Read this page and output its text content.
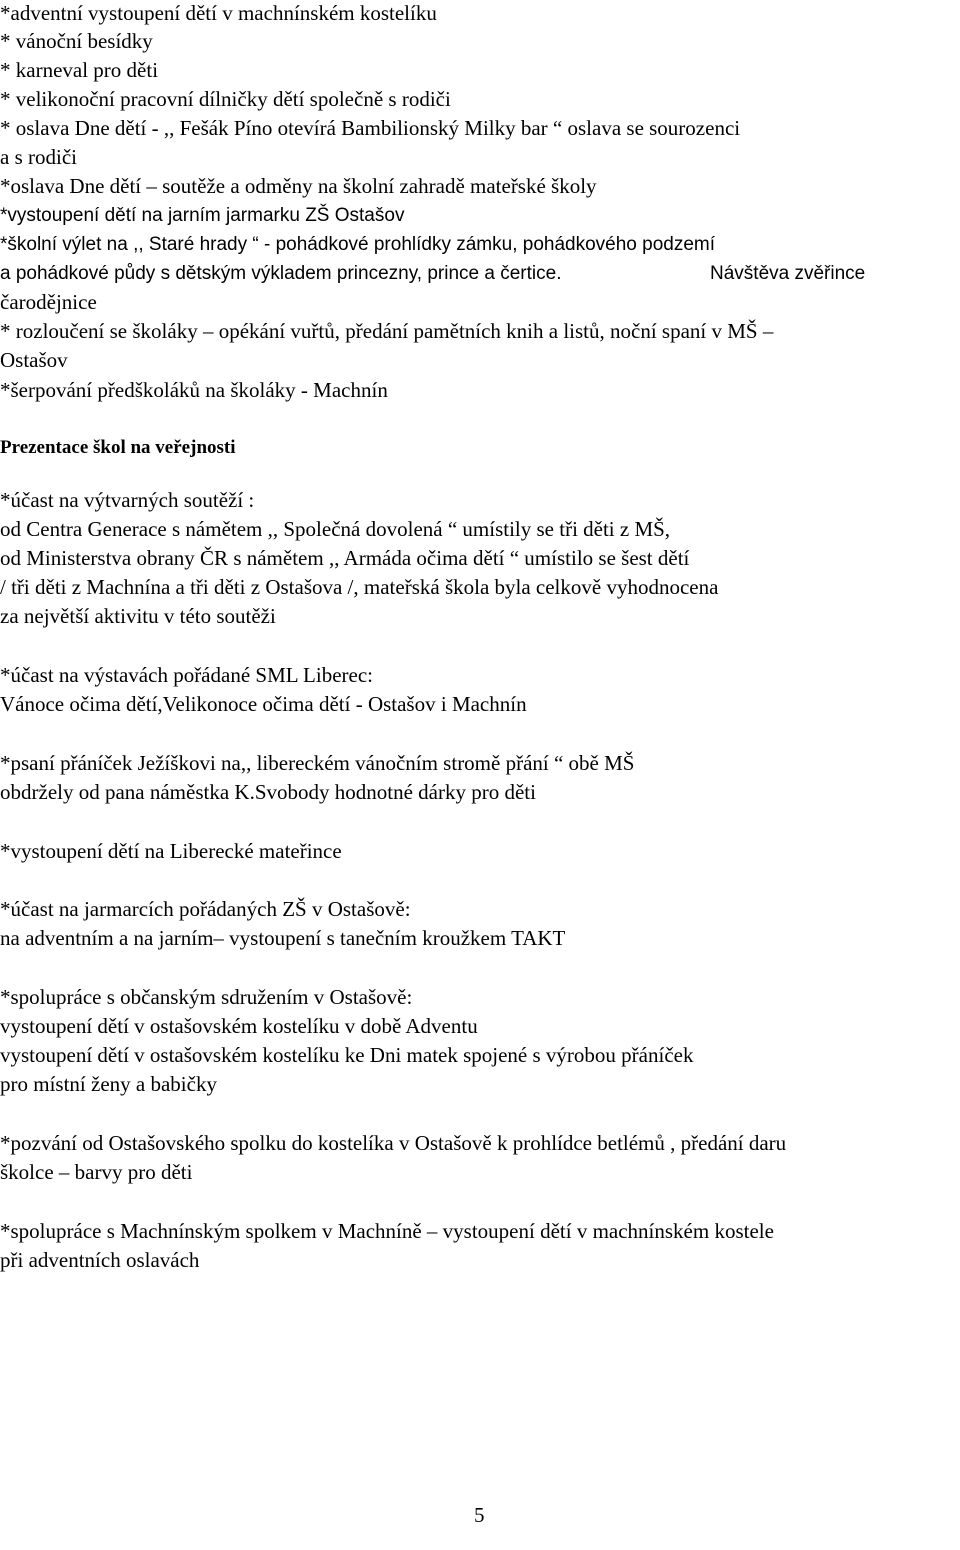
*adventní vystoupení dětí v machnínském kostelíku
* vánoční besídky
* karneval pro děti
* velikonoční pracovní dílničky dětí společně s rodiči
* oslava Dne dětí - ,, Fešák Píno otevírá Bambilionský Milky bar “ oslava se sourozenci
a s rodiči
*oslava Dne dětí – soutěže a odměny na školní zahradě mateřské školy
*vystoupení dětí na jarním jarmarku ZŠ Ostašov
*školní výlet na ,, Staré hrady “ - pohádkové prohlídky zámku, pohádkového podzemí
a pohádkové půdy s dětským výkladem princezny, prince a čertice.	Návštěva zvěřince
čarodějnice
* rozloučení se školáky – opékání vuřtů, předání pamětních knih a listů, noční spaní v MŠ –
Ostašov
*šerpování předškoláků na školáky - Machnín
Prezentace škol na veřejnosti
*účast na výtvarných soutěží :
od Centra Generace s námětem ,, Společná dovolená “ umístily se tři děti z MŠ,
od Ministerstva obrany ČR s námětem ,, Armáda očima dětí “ umístilo se šest dětí
/ tři děti z Machnína a tři děti z Ostašova /, mateřská škola byla celkově vyhodnocena
za největší aktivitu v této soutěži
*účast na výstavách pořádané SML Liberec:
Vánoce očima dětí,Velikonoce očima dětí - Ostašov i Machnín
*psaní přáníček Ježíškovi na,, libereckém vánočním stromě přání “ obě MŠ
obdržely od pana náměstka K.Svobody hodnotné dárky pro děti
*vystoupení dětí na Liberecké mateřince
*účast na jarmarcích pořádaných ZŠ v Ostašově:
na adventním a na jarním– vystoupení s tanečním kroužkem TAKT
*spolupráce s občanským sdružením v Ostašově:
vystoupení dětí v ostašovském kostelíku v době Adventu
vystoupení dětí v ostašovském kostelíku ke Dni matek spojené s výrobou přáníček
pro místní ženy a babičky
*pozvání od Ostašovského spolku do kostelíka v Ostašově k prohlídce betlémů , předání daru
školce – barvy pro děti
*spolupráce s Machnínským spolkem v Machníně – vystoupení dětí v machnínském kostele
při adventních oslavách
5
